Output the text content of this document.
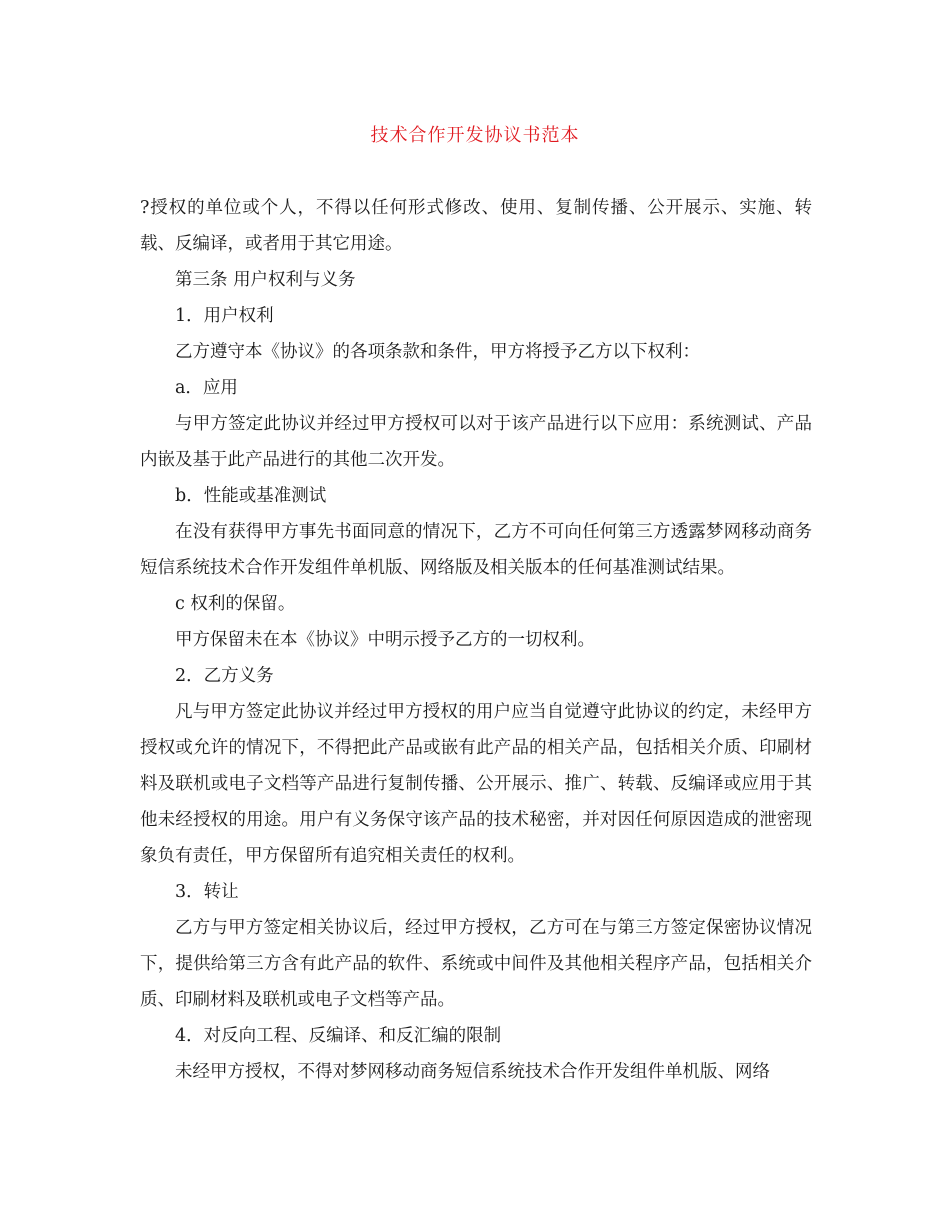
技术合作开发协议书范本

?授权的单位或个人，不得以任何形式修改、使用、复制传播、公开展示、实施、转载、反编译，或者用于其它用途。

第三条 用户权利与义务

1．用户权利

乙方遵守本《协议》的各项条款和条件，甲方将授予乙方以下权利：

a．应用

与甲方签定此协议并经过甲方授权可以对于该产品进行以下应用：系统测试、产品内嵌及基于此产品进行的其他二次开发。

b．性能或基准测试

在没有获得甲方事先书面同意的情况下，乙方不可向任何第三方透露梦网移动商务短信系统技术合作开发组件单机版、网络版及相关版本的任何基准测试结果。

c 权利的保留。

甲方保留未在本《协议》中明示授予乙方的一切权利。

2．乙方义务

凡与甲方签定此协议并经过甲方授权的用户应当自觉遵守此协议的约定，未经甲方授权或允许的情况下，不得把此产品或嵌有此产品的相关产品，包括相关介质、印刷材料及联机或电子文档等产品进行复制传播、公开展示、推广、转载、反编译或应用于其他未经授权的用途。用户有义务保守该产品的技术秘密，并对因任何原因造成的泄密现象负有责任，甲方保留所有追究相关责任的权利。

3．转让

乙方与甲方签定相关协议后，经过甲方授权，乙方可在与第三方签定保密协议情况下，提供给第三方含有此产品的软件、系统或中间件及其他相关程序产品，包括相关介质、印刷材料及联机或电子文档等产品。

4．对反向工程、反编译、和反汇编的限制

未经甲方授权，不得对梦网移动商务短信系统技术合作开发组件单机版、网络
